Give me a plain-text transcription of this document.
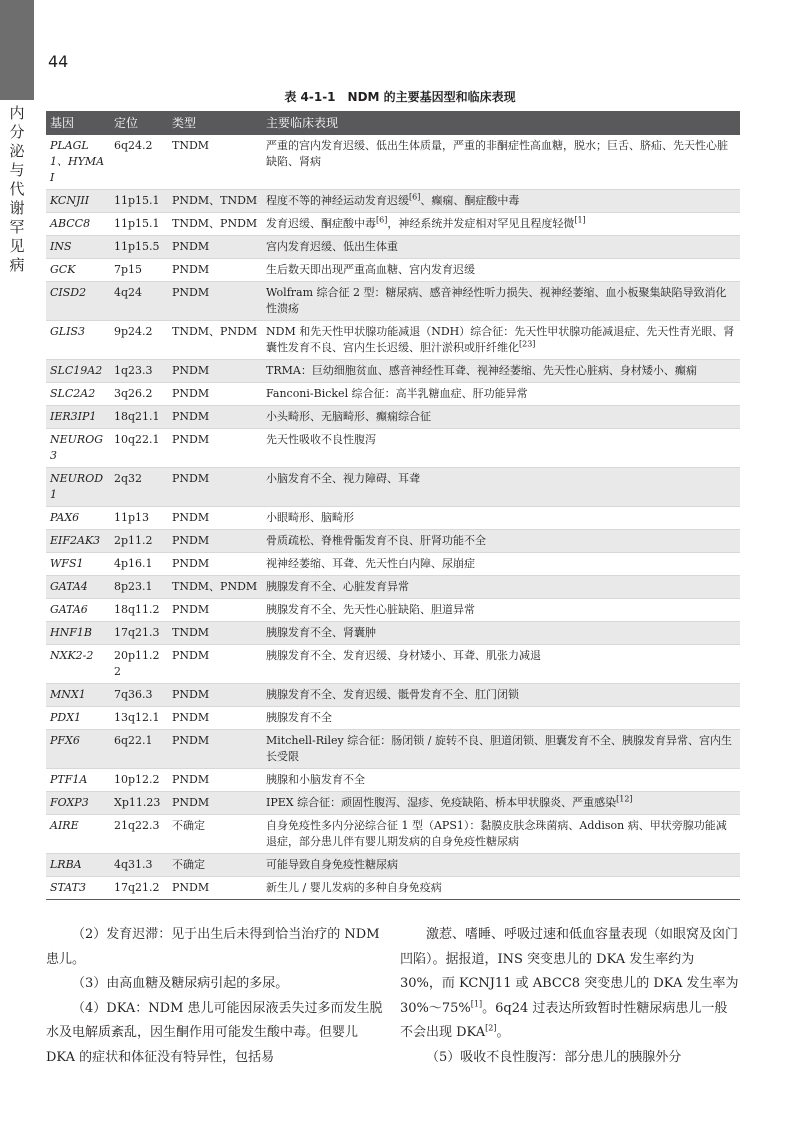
内分泌与代谢罕见病
44
表 4-1-1　NDM 的主要基因型和临床表现
基因	定位	类型	主要临床表现
PLAGL1、HYMAI	6q24.2	TNDM	严重的宫内发育迟缓、低出生体质量，严重的非酮症性高血糖，脱水；巨舌、脐疝、先天性心脏缺陷、肾病
KCNJII	11p15.1	PNDM、TNDM	程度不等的神经运动发育迟缓[6]、癫痫、酮症酸中毒
ABCC8	11p15.1	TNDM、PNDM	发育迟缓、酮症酸中毒[6]，神经系统并发症相对罕见且程度轻微[1]
INS	11p15.5	PNDM	宫内发育迟缓、低出生体重
GCK	7p15	PNDM	生后数天即出现严重高血糖、宫内发育迟缓
CISD2	4q24	PNDM	Wolfram 综合征 2 型：糖尿病、感音神经性听力损失、视神经萎缩、血小板聚集缺陷导致消化性溃疡
GLIS3	9p24.2	TNDM、PNDM	NDM 和先天性甲状腺功能减退（NDH）综合征：先天性甲状腺功能减退症、先天性青光眼、肾囊性发育不良、宫内生长迟缓、胆汁淤积或肝纤维化[23]
SLC19A2	1q23.3	PNDM	TRMA：巨幼细胞贫血、感音神经性耳聋、视神经萎缩、先天性心脏病、身材矮小、癫痫
SLC2A2	3q26.2	PNDM	Fanconi-Bickel 综合征：高半乳糖血症、肝功能异常
IER3IP1	18q21.1	PNDM	小头畸形、无脑畸形、癫痫综合征
NEUROG3	10q22.1	PNDM	先天性吸收不良性腹泻
NEUROD1	2q32	PNDM	小脑发育不全、视力障碍、耳聋
PAX6	11p13	PNDM	小眼畸形、脑畸形
EIF2AK3	2p11.2	PNDM	骨质疏松、脊椎骨骺发育不良、肝肾功能不全
WFS1	4p16.1	PNDM	视神经萎缩、耳聋、先天性白内障、尿崩症
GATA4	8p23.1	TNDM、PNDM	胰腺发育不全、心脏发育异常
GATA6	18q11.2	PNDM	胰腺发育不全、先天性心脏缺陷、胆道异常
HNF1B	17q21.3	TNDM	胰腺发育不全、肾囊肿
NXK2-2	20p11.22	PNDM	胰腺发育不全、发育迟缓、身材矮小、耳聋、肌张力减退
MNX1	7q36.3	PNDM	胰腺发育不全、发育迟缓、骶骨发育不全、肛门闭锁
PDX1	13q12.1	PNDM	胰腺发育不全
PFX6	6q22.1	PNDM	Mitchell-Riley 综合征：肠闭锁 / 旋转不良、胆道闭锁、胆囊发育不全、胰腺发育异常、宫内生长受限
PTF1A	10p12.2	PNDM	胰腺和小脑发育不全
FOXP3	Xp11.23	PNDM	IPEX 综合征：顽固性腹泻、湿疹、免疫缺陷、桥本甲状腺炎、严重感染[12]
AIRE	21q22.3	不确定	自身免疫性多内分泌综合征 1 型（APS1）：黏膜皮肤念珠菌病、Addison 病、甲状旁腺功能减退症，部分患儿伴有婴儿期发病的自身免疫性糖尿病
LRBA	4q31.3	不确定	可能导致自身免疫性糖尿病
STAT3	17q21.2	PNDM	新生儿 / 婴儿发病的多种自身免疫病

（2）发育迟滞：见于出生后未得到恰当治疗的 NDM 患儿。

（3）由高血糖及糖尿病引起的多尿。

（4）DKA：NDM 患儿可能因尿液丢失过多而发生脱水及电解质紊乱，因生酮作用可能发生酸中毒。但婴儿 DKA 的症状和体征没有特异性，包括易

激惹、嗜睡、呼吸过速和低血容量表现（如眼窝及囟门凹陷）。据报道，INS 突变患儿的 DKA 发生率约为 30%，而 KCNJ11 或 ABCC8 突变患儿的 DKA 发生率为 30%～75%[1]。6q24 过表达所致暂时性糖尿病患儿一般不会出现 DKA[2]。

（5）吸收不良性腹泻：部分患儿的胰腺外分
